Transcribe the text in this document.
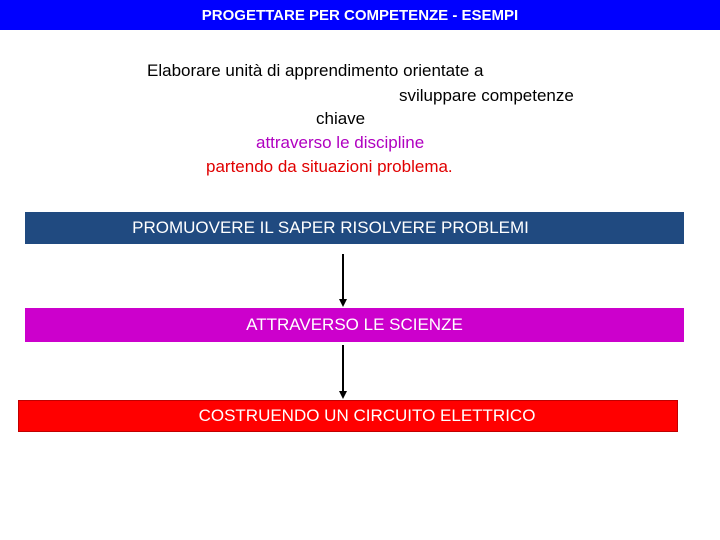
PROGETTARE PER COMPETENZE - ESEMPI
Elaborare unità di apprendimento orientate a
sviluppare competenze
chiave
attraverso le discipline
partendo da situazioni problema.
PROMUOVERE IL SAPER RISOLVERE PROBLEMI
ATTRAVERSO LE SCIENZE
COSTRUENDO UN CIRCUITO ELETTRICO
